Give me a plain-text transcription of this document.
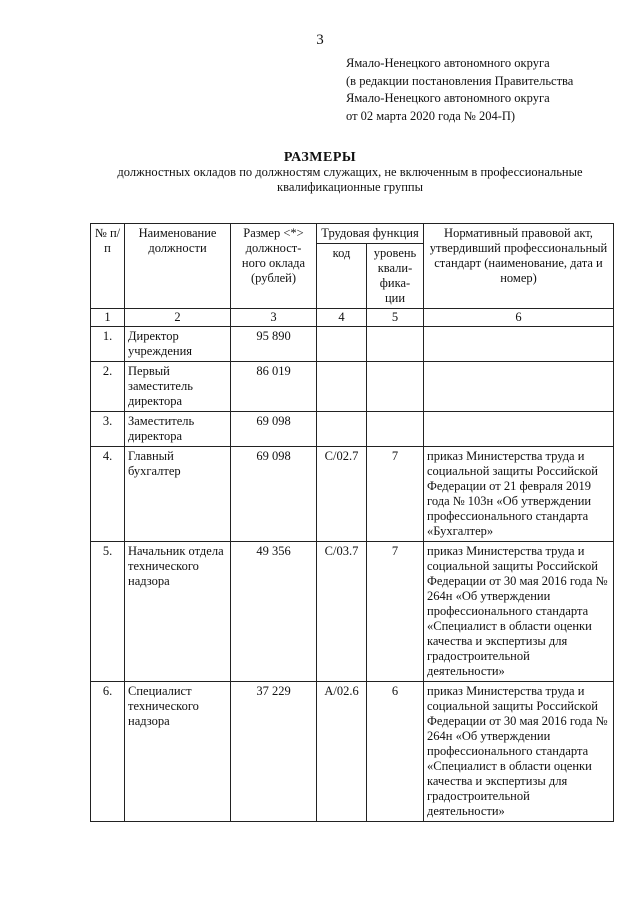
3
Ямало-Ненецкого автономного округа
(в редакции постановления Правительства
Ямало-Ненецкого автономного округа
от 02 марта 2020 года № 204-П)
РАЗМЕРЫ
должностных окладов по должностям служащих, не включенным в профессиональные квалификационные группы
№ п/п	Наименование должности	Размер <*> должност-ного оклада (рублей)	Трудовая функция		Нормативный правовой акт, утвердивший профессиональный стандарт (наименование, дата и номер)
			код	уровень квали-фика-ции	
1	2	3	4	5	6
1.	Директор учреждения	95 890			
2.	Первый заместитель директора	86 019			
3.	Заместитель директора	69 098			
4.	Главный бухгалтер	69 098	С/02.7	7	приказ Министерства труда и социальной защиты Российской Федерации от 21 февраля 2019 года № 103н «Об утверждении профессионального стандарта «Бухгалтер»
5.	Начальник отдела технического надзора	49 356	С/03.7	7	приказ Министерства труда и социальной защиты Российской Федерации от 30 мая 2016 года № 264н «Об утверждении профессионального стандарта «Специалист в области оценки качества и экспертизы для градостроительной деятельности»
6.	Специалист технического надзора	37 229	А/02.6	6	приказ Министерства труда и социальной защиты Российской Федерации от 30 мая 2016 года № 264н «Об утверждении профессионального стандарта «Специалист в области оценки качества и экспертизы для градостроительной деятельности»
